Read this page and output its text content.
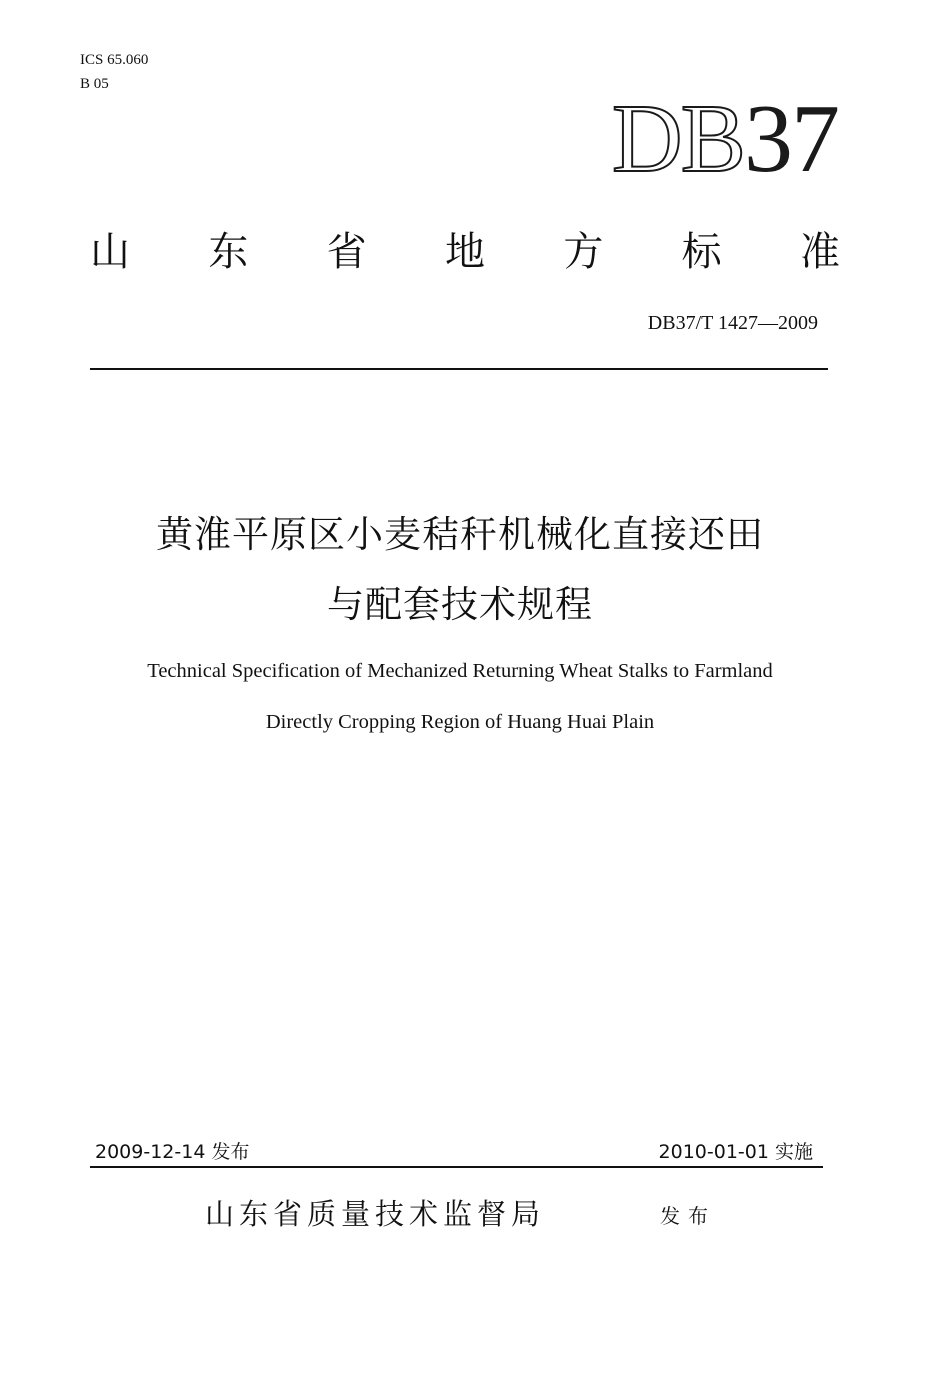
ICS 65.060
B 05
DB37
山 东 省 地 方 标 准
DB37/T 1427—2009
黄淮平原区小麦秸秆机械化直接还田
与配套技术规程
Technical Specification of Mechanized Returning Wheat Stalks to Farmland
Directly Cropping Region of Huang Huai Plain
2009-12-14 发布	2010-01-01 实施
山东省质量技术监督局	发布
